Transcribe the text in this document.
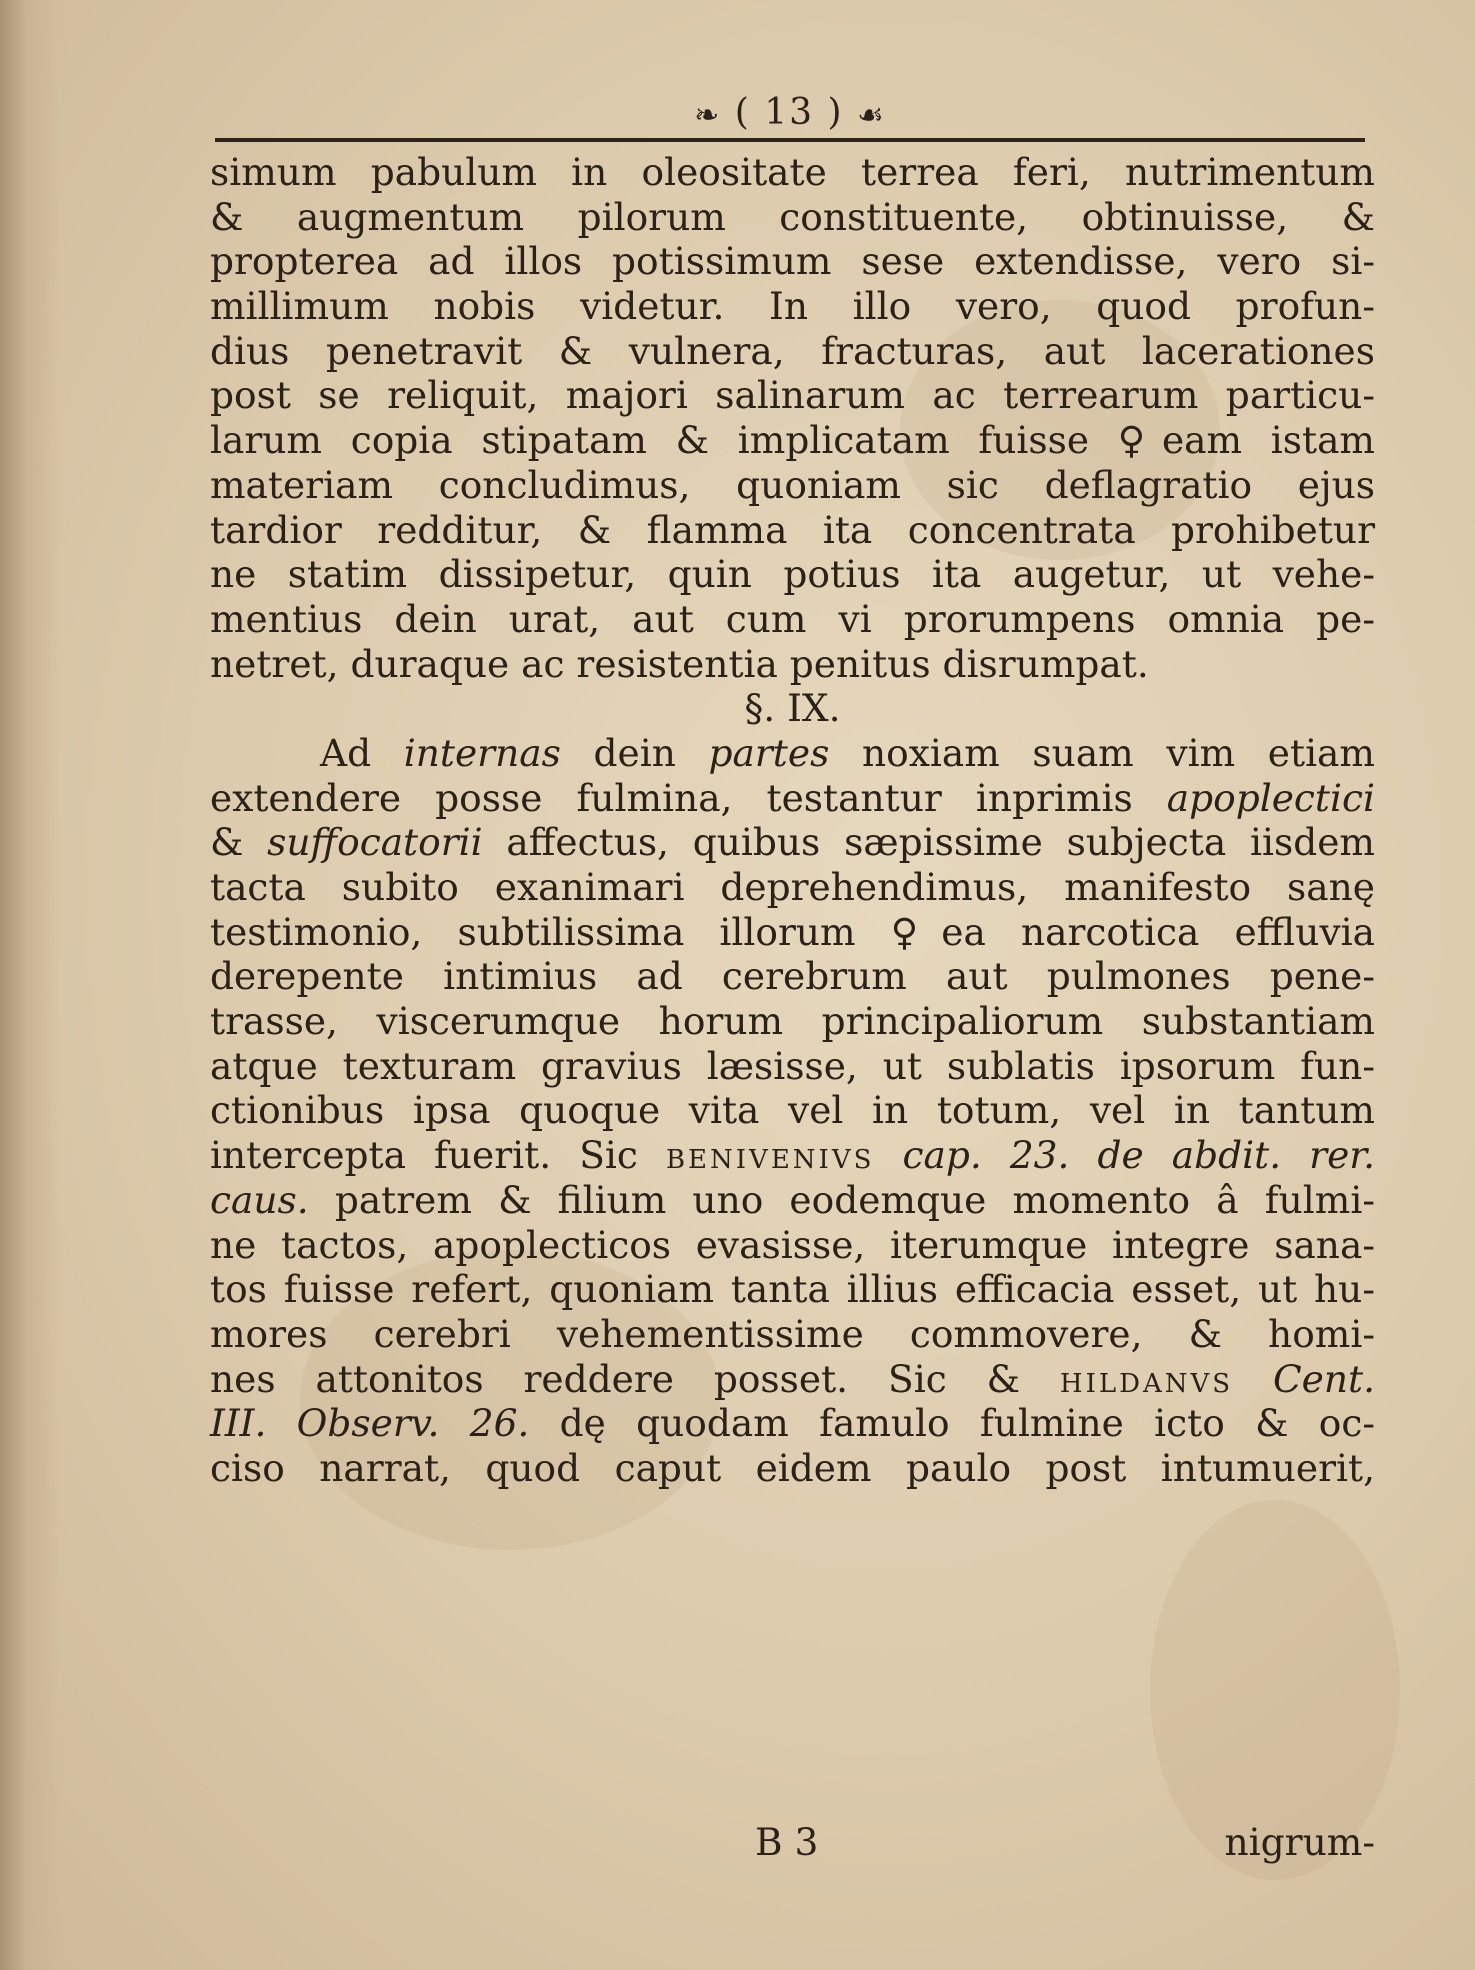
❧ ( 13 ) ☙
simum pabulum in oleositate terrea feri, nutrimentum
& augmentum pilorum constituente, obtinuisse, &
propterea ad illos potissimum sese extendisse, vero si-
millimum nobis videtur. In illo vero, quod profun-
dius penetravit & vulnera, fracturas, aut lacerationes
post se reliquit, majori salinarum ac terrearum particu-
larum copia stipatam & implicatam fuisse ♀eam istam
materiam concludimus, quoniam sic deflagratio ejus
tardior redditur, & flamma ita concentrata prohibetur
ne statim dissipetur, quin potius ita augetur, ut vehe-
mentius dein urat, aut cum vi prorumpens omnia pe-
netret, duraque ac resistentia penitus disrumpat.
§. IX.
Ad internas dein partes noxiam suam vim etiam
extendere posse fulmina, testantur inprimis apoplectici
& suffocatorii affectus, quibus sæpissime subjecta iisdem
tacta subito exanimari deprehendimus, manifesto sanę
testimonio, subtilissima illorum ♀ea narcotica effluvia
derepente intimius ad cerebrum aut pulmones pene-
trasse, viscerumque horum principaliorum substantiam
atque texturam gravius læsisse, ut sublatis ipsorum fun-
ctionibus ipsa quoque vita vel in totum, vel in tantum
intercepta fuerit. Sic benivenivs cap. 23. de abdit. rer.
caus. patrem & filium uno eodemque momento â fulmi-
ne tactos, apoplecticos evasisse, iterumque integre sana-
tos fuisse refert, quoniam tanta illius efficacia esset, ut hu-
mores cerebri vehementissime commovere, & homi-
nes attonitos reddere posset. Sic & hildanvs Cent.
III. Observ. 26. dę quodam famulo fulmine icto & oc-
ciso narrat, quod caput eidem paulo post intumuerit,
B 3	nigrum-
